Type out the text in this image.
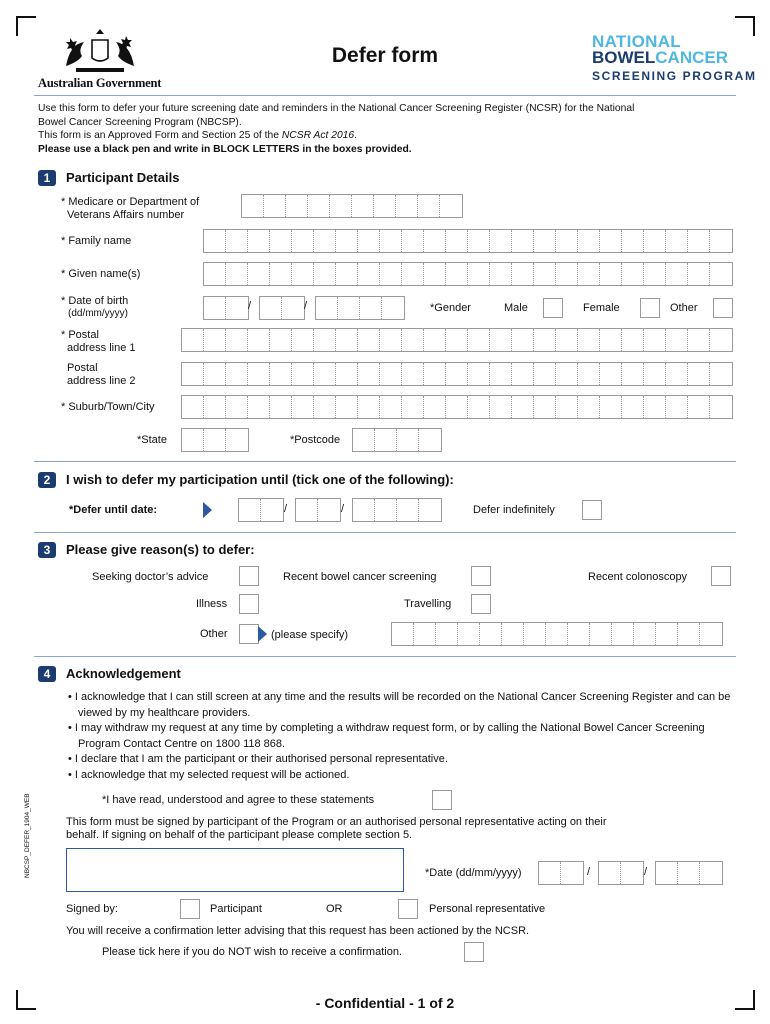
Australian Government
Defer form
NATIONAL
BOWELCANCER
SCREENING PROGRAM
Use this form to defer your future screening date and reminders in the National Cancer Screening Register (NCSR) for the National
Bowel Cancer Screening Program (NBCSP).
This form is an Approved Form and Section 25 of the NCSR Act 2016.
Please use a black pen and write in BLOCK LETTERS in the boxes provided.
1	Participant Details
* Medicare or Department of
Veterans Affairs number
* Family name
* Given name(s)
* Date of birth
(dd/mm/yyyy)
/	/	*Gender	Male	Female	Other
* Postal
address line 1
Postal
address line 2
* Suburb/Town/City
*State	*Postcode
2	I wish to defer my participation until (tick one of the following):
*Defer until date:	/	/	Defer indefinitely
3	Please give reason(s) to defer:
Seeking doctor’s advice	Recent bowel cancer screening	Recent colonoscopy
Illness	Travelling
Other	(please specify)
4	Acknowledgement
• I acknowledge that I can still screen at any time and the results will be recorded on the National Cancer Screening Register and can be viewed by my healthcare providers.
• I may withdraw my request at any time by completing a withdraw request form, or by calling the National Bowel Cancer Screening Program Contact Centre on 1800 118 868.
• I declare that I am the participant or their authorised personal representative.
• I acknowledge that my selected request will be actioned.
*I have read, understood and agree to these statements
This form must be signed by participant of the Program or an authorised personal representative acting on their
behalf. If signing on behalf of the participant please complete section 5.
*Date (dd/mm/yyyy)	/	/
Signed by:	Participant	OR	Personal representative
You will receive a confirmation letter advising that this request has been actioned by the NCSR.
Please tick here if you do NOT wish to receive a confirmation.
NBCSP_DEFER_1904_WEB
- Confidential - 1 of 2
